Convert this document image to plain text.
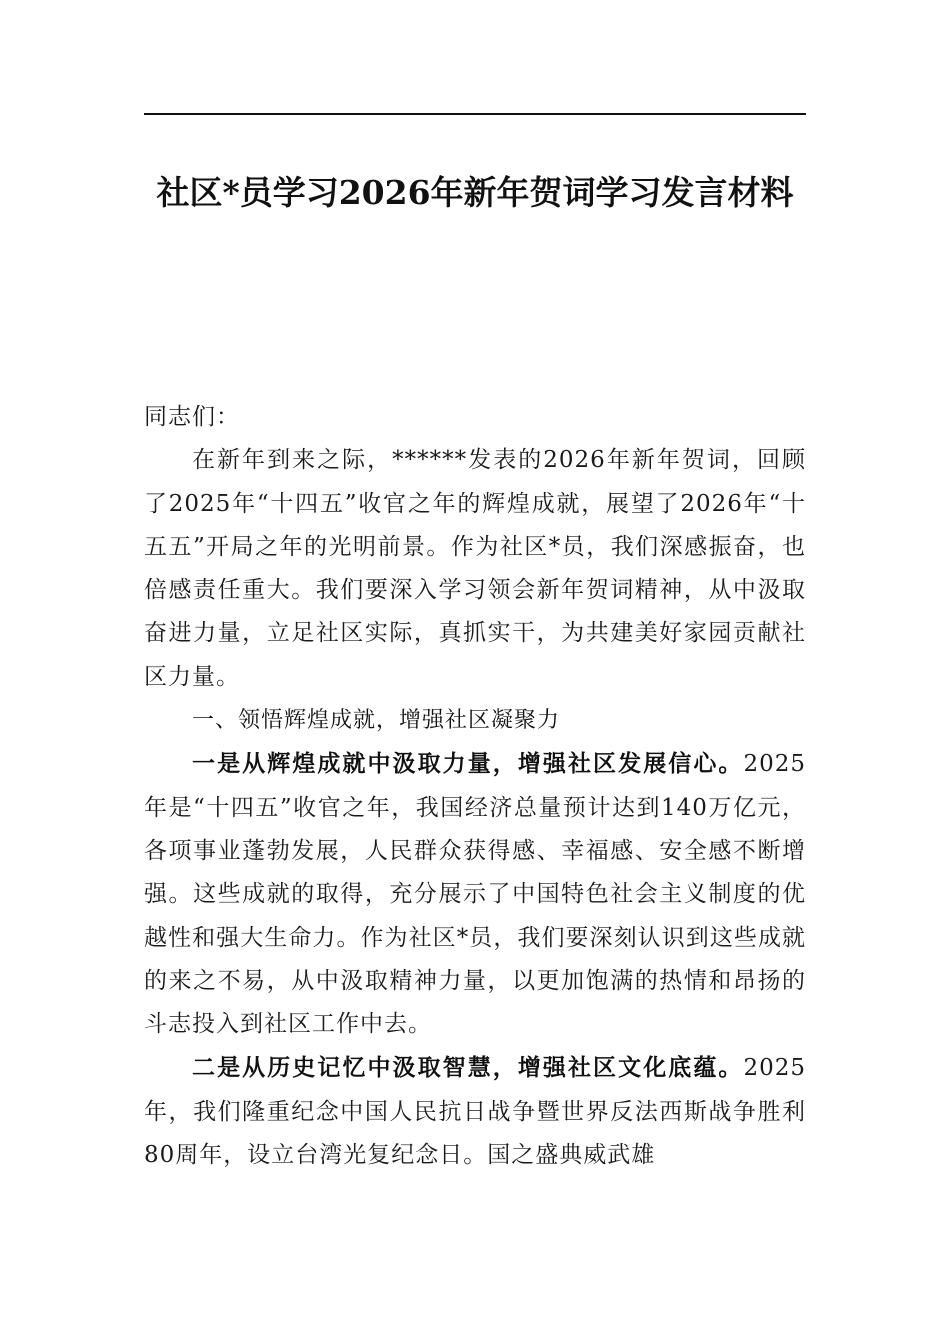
社区*员学习2026年新年贺词学习发言材料

同志们：

在新年到来之际，******发表的2026年新年贺词，回顾了2025年“十四五”收官之年的辉煌成就，展望了2026年“十五五”开局之年的光明前景。作为社区*员，我们深感振奋，也倍感责任重大。我们要深入学习领会新年贺词精神，从中汲取奋进力量，立足社区实际，真抓实干，为共建美好家园贡献社区力量。

一、领悟辉煌成就，增强社区凝聚力

一是从辉煌成就中汲取力量，增强社区发展信心。2025年是“十四五”收官之年，我国经济总量预计达到140万亿元，各项事业蓬勃发展，人民群众获得感、幸福感、安全感不断增强。这些成就的取得，充分展示了中国特色社会主义制度的优越性和强大生命力。作为社区*员，我们要深刻认识到这些成就的来之不易，从中汲取精神力量，以更加饱满的热情和昂扬的斗志投入到社区工作中去。

二是从历史记忆中汲取智慧，增强社区文化底蕴。2025年，我们隆重纪念中国人民抗日战争暨世界反法西斯战争胜利80周年，设立台湾光复纪念日。国之盛典威武雄
